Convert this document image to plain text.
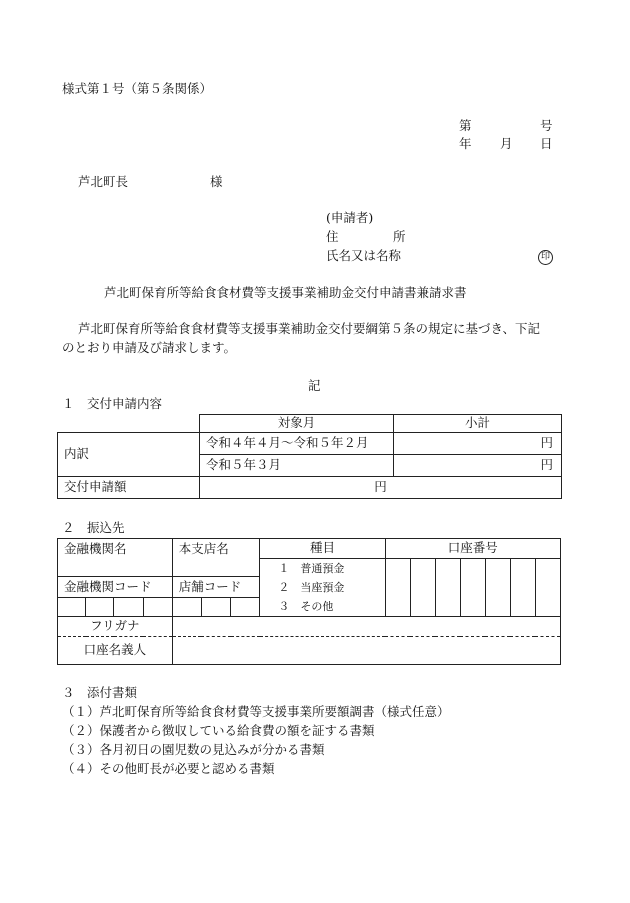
様式第１号（第５条関係）
第	号
年 月 日
芦北町長	様
(申請者)
住	所
氏名又は名称	印
芦北町保育所等給食食材費等支援事業補助金交付申請書兼請求書
芦北町保育所等給食食材費等支援事業補助金交付要綱第５条の規定に基づき、下記
のとおり申請及び請求します。
記
１　交付申請内容
	対象月	小計
内訳	令和４年４月～令和５年２月	円
	令和５年３月	円
交付申請額	円	
２　振込先
金融機関名				本支店名			種目	口座番号						

							１　普通預金
２　当座預金
３　その他							

金融機関コード				店舗コード										

フリガナ														
口座名義人														
３　添付書類
（１）芦北町保育所等給食食材費等支援事業所要額調書（様式任意）
（２）保護者から徴収している給食費の額を証する書類
（３）各月初日の園児数の見込みが分かる書類
（４）その他町長が必要と認める書類
